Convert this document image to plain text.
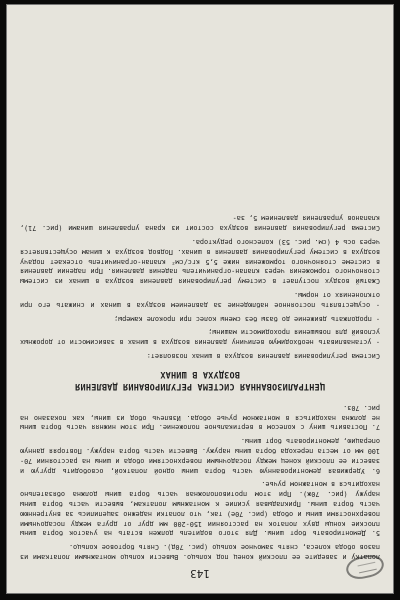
143

лопатку и заведите ее плоский конец под кольцо. Вывести кольцо монтажными лопатками из пазов обода колеса, снять замочное кольцо (рис. 70д). Снять бортовое кольцо.

5. Демонтировать борт шины. Для этого водитель должен встать на участок борта шины плоские концы двух лопаток на расстоянии 150-200 мм друг от друга между посадочными поверхностями шины и обода (рис. 70е) так, что лопатки надежно зацепились за внутреннюю часть борта шины. Прикладывая усилие к монтажным лопаткам, вывести часть борта шины наружу (рис. 70ж). При этом противоположная часть борта шины должна обязательно находиться в монтажном ручье.

6. Удерживая демонтированную часть борта шины одной лопаткой, освободить другую и завести ее плоский конец между посадочными поверхностями обода и шины на расстоянии 70-100 мм от места перехода борта шины наружу. Вывести часть борта наружу. Повторяя данную операцию, демонтировать борт шины.

7. Поставить шину с колесом в вертикальное положение. При этом нижняя часть борта шины не должна находиться в монтажном ручье обода. Извлечь обод из шины, как показано на рис. 70з.

ЦЕНТРАЛИЗОВАННАЯ СИСТЕМА РЕГУЛИРОВАНИЯ ДАВЛЕНИЯ
ВОЗДУХА В ШИНАХ

Система регулирования давления воздуха в шинах позволяет:

- устанавливать необходимую величину давления воздуха в шинах в зависимости от дорожных условий для повышения проходимости машины;

- продолжать движение до базы без смены колес при проколе камеры;

- осуществлять постоянное наблюдение за давлением воздуха в шинах и снижать его при отклонениях от нормы.

Сжатый воздух поступает в систему регулирования давления воздуха в шинах из системы стояночного торможения через клапан-ограничитель падения давления. При падении давления в системе стояночного торможения ниже 5,5 кгс/см² клапан-ограничитель отсекает подачу воздуха в систему регулирования давления в шинах. Подвод воздуха к шинам осуществляется через ось 4 (см. рис. 53) колесного редуктора.

Система регулирования давления воздуха состоит из крана управления шинами (рис. 71), клапанов управления давлением 5, за-
